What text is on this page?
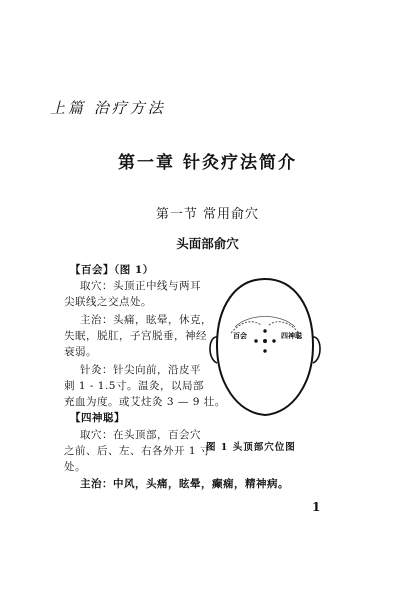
上篇 治疗方法
第一章 针灸疗法简介
第一节 常用俞穴
头面部俞穴
【百会】（图 1）
取穴：头顶正中线与两耳
尖联线之交点处。
主治：头痛，眩晕，休克，
失眠，脱肛，子宫脱垂，神经
衰弱。
针灸：针尖向前，沿皮平
刺 1 - 1.5寸。温灸，以局部
充血为度。或艾炷灸 3 — 9 壮。
【四神聪】
取穴：在头顶部，百会穴
之前、后、左、右各外开 1 寸
处。
主治：中风，头痛，眩晕，癫痫，精神病。
百会	四神聪
图 1 头顶部穴位图
1
